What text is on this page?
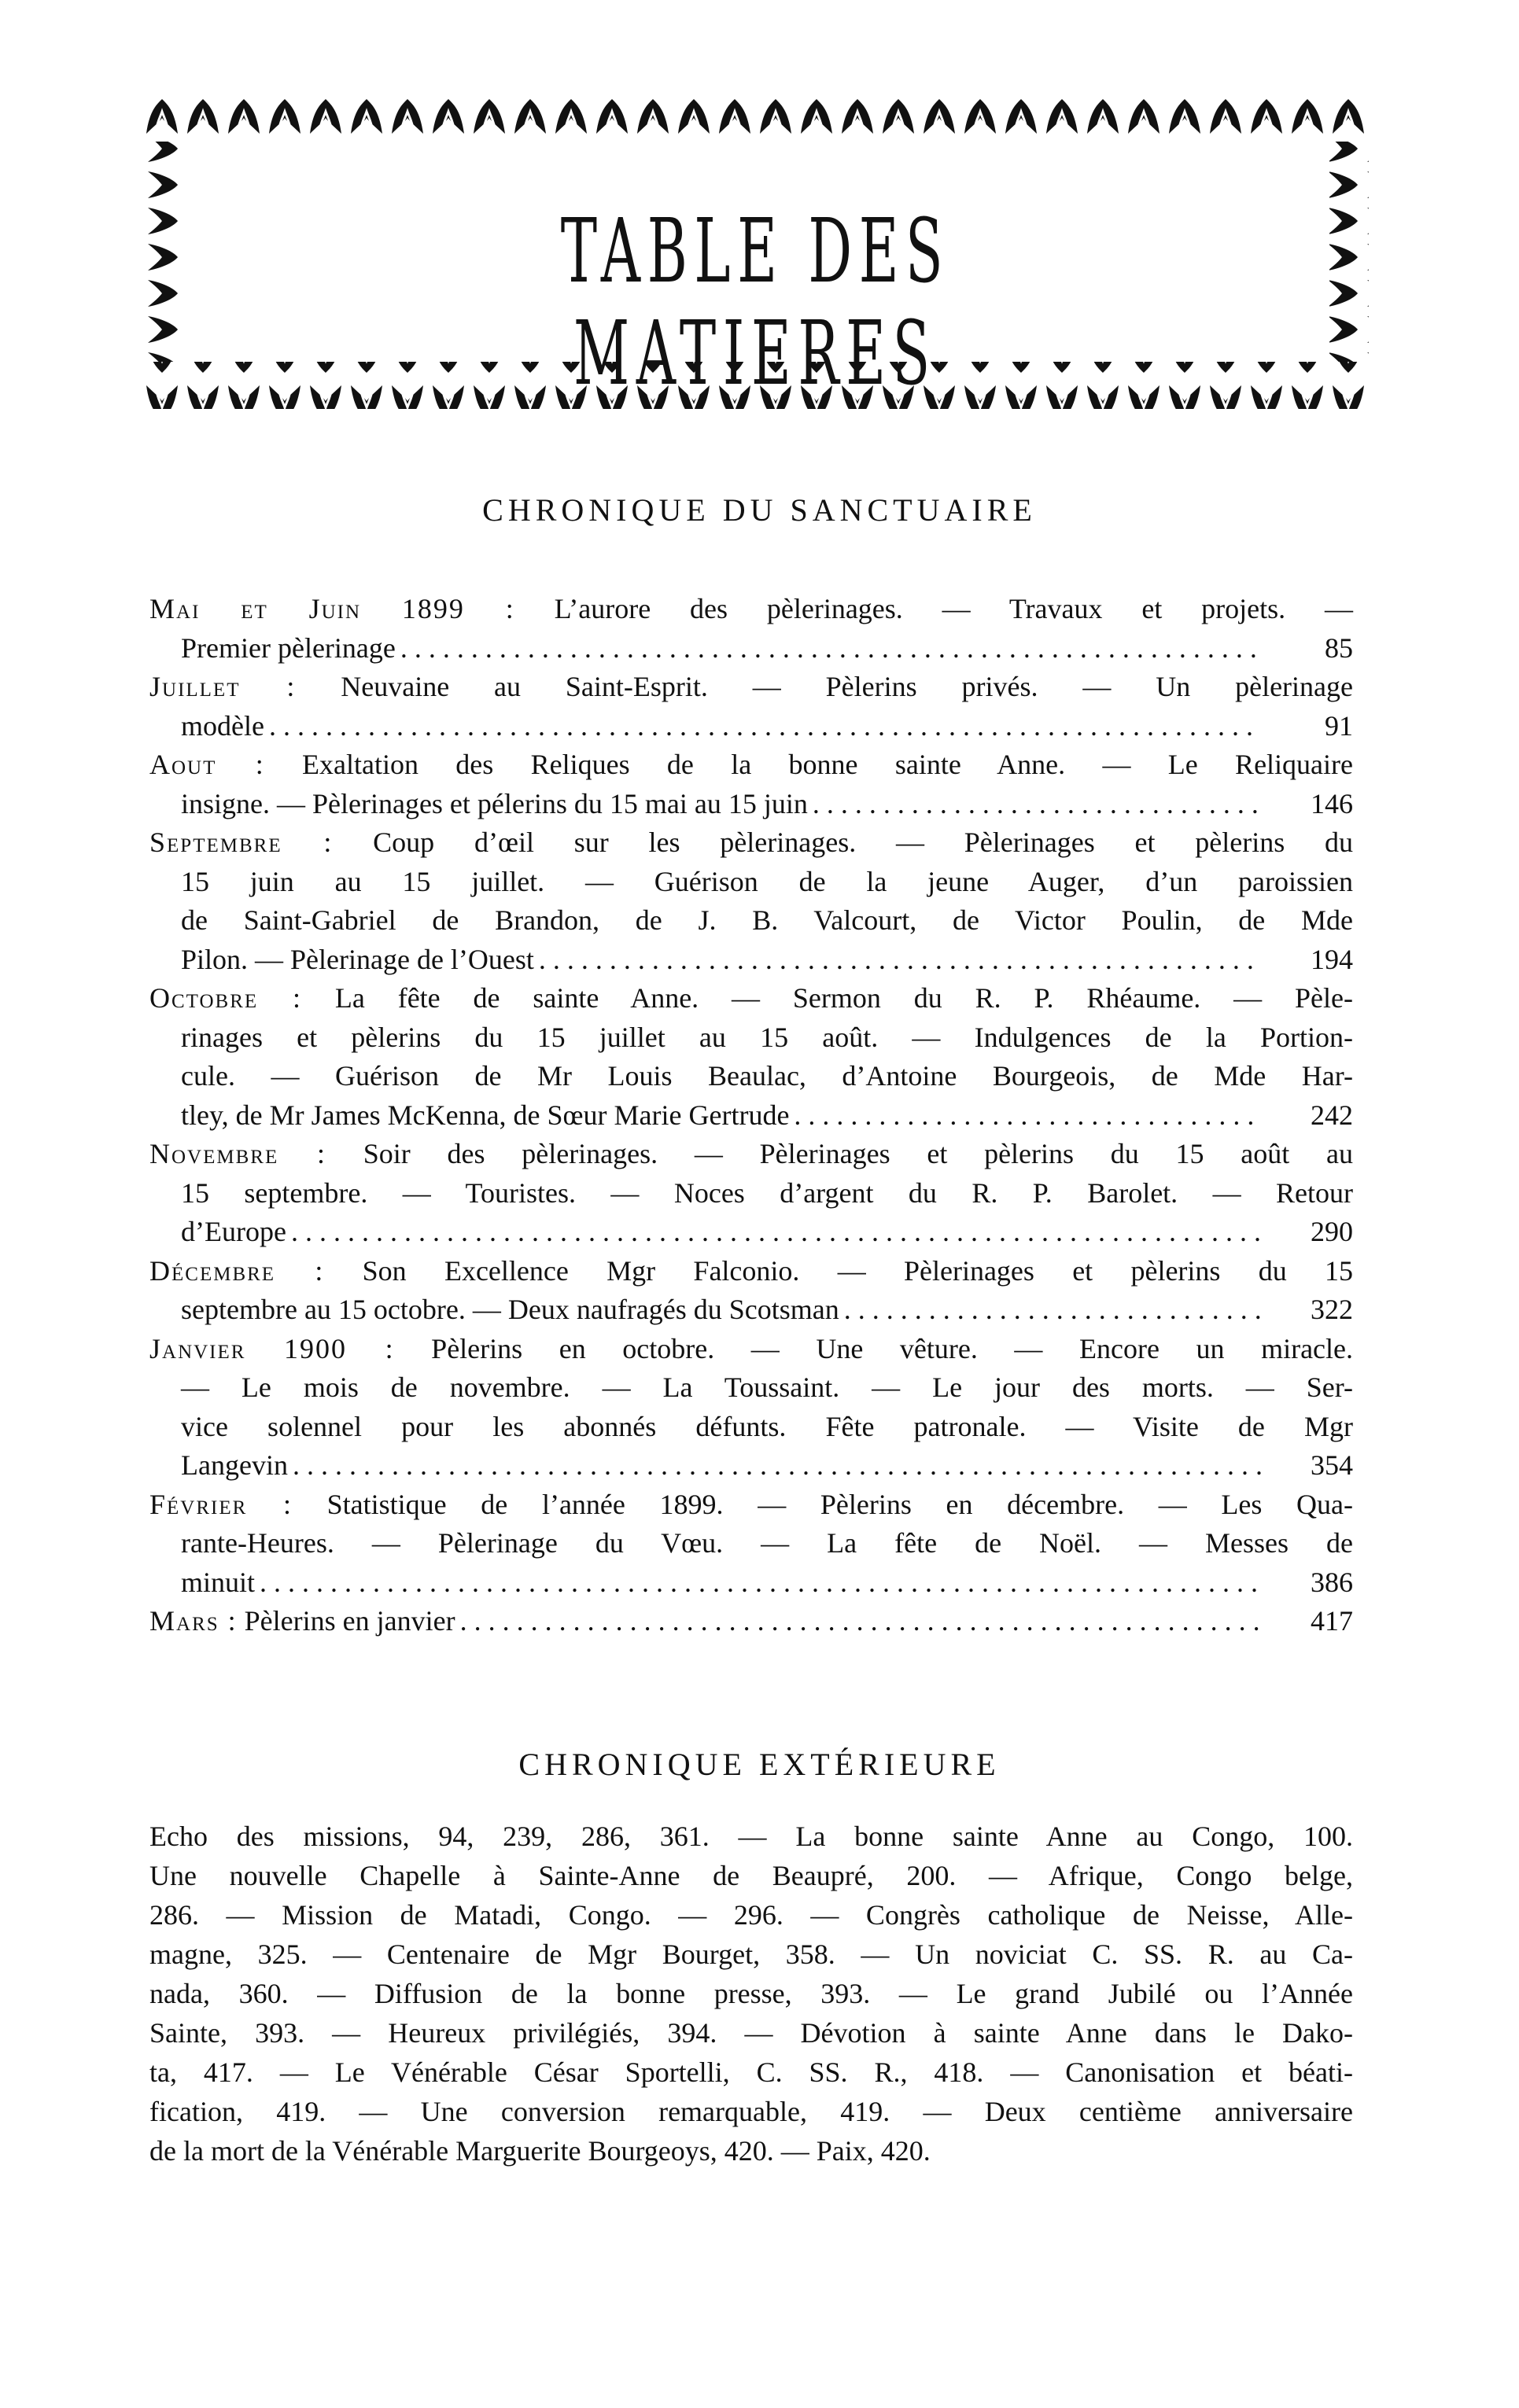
TABLE DES MATIERES
CHRONIQUE DU SANCTUAIRE
Mai et Juin 1899 : L’aurore des pèlerinages. — Travaux et projets. —
Premier pèlerinage . . .	85
Juillet : Neuvaine au Saint-Esprit. — Pèlerins privés. — Un pèlerinage
modèle . . .	91
Aout : Exaltation des Reliques de la bonne sainte Anne. — Le Reliquaire
insigne. — Pèlerinages et pélerins du 15 mai au 15 juin . . .	146
Septembre : Coup d’œil sur les pèlerinages. — Pèlerinages et pèlerins du
15 juin au 15 juillet. — Guérison de la jeune Auger, d’un paroissien
de Saint-Gabriel de Brandon, de J. B. Valcourt, de Victor Poulin, de Mde
Pilon. — Pèlerinage de l’Ouest . . .	194
Octobre : La fête de sainte Anne. — Sermon du R. P. Rhéaume. — Pèle-
rinages et pèlerins du 15 juillet au 15 août. — Indulgences de la Portion-
cule. — Guérison de Mr Louis Beaulac, d’Antoine Bourgeois, de Mde Har-
tley, de Mr James McKenna, de Sœur Marie Gertrude . . .	242
Novembre : Soir des pèlerinages. — Pèlerinages et pèlerins du 15 août au
15 septembre. — Touristes. — Noces d’argent du R. P. Barolet. — Retour
d’Europe . . .	290
Décembre : Son Excellence Mgr Falconio. — Pèlerinages et pèlerins du 15
septembre au 15 octobre. — Deux naufragés du Scotsman . . .	322
Janvier 1900 : Pèlerins en octobre. — Une vêture. — Encore un miracle.
— Le mois de novembre. — La Toussaint. — Le jour des morts. — Ser-
vice solennel pour les abonnés défunts. Fête patronale. — Visite de Mgr
Langevin . . .	354
Février : Statistique de l’année 1899. — Pèlerins en décembre. — Les Qua-
rante-Heures. — Pèlerinage du Vœu. — La fête de Noël. — Messes de
minuit . . .	386
Mars : Pèlerins en janvier . . .	417
CHRONIQUE EXTÉRIEURE
Echo des missions, 94, 239, 286, 361. — La bonne sainte Anne au Congo, 100.
Une nouvelle Chapelle à Sainte-Anne de Beaupré, 200. — Afrique, Congo belge,
286. — Mission de Matadi, Congo. — 296. — Congrès catholique de Neisse, Alle-
magne, 325. — Centenaire de Mgr Bourget, 358. — Un noviciat C. SS. R. au Ca-
nada, 360. — Diffusion de la bonne presse, 393. — Le grand Jubilé ou l’Année
Sainte, 393. — Heureux privilégiés, 394. — Dévotion à sainte Anne dans le Dako-
ta, 417. — Le Vénérable César Sportelli, C. SS. R., 418. — Canonisation et béati-
fication, 419. — Une conversion remarquable, 419. — Deux centième anniversaire
de la mort de la Vénérable Marguerite Bourgeoys, 420. — Paix, 420.
